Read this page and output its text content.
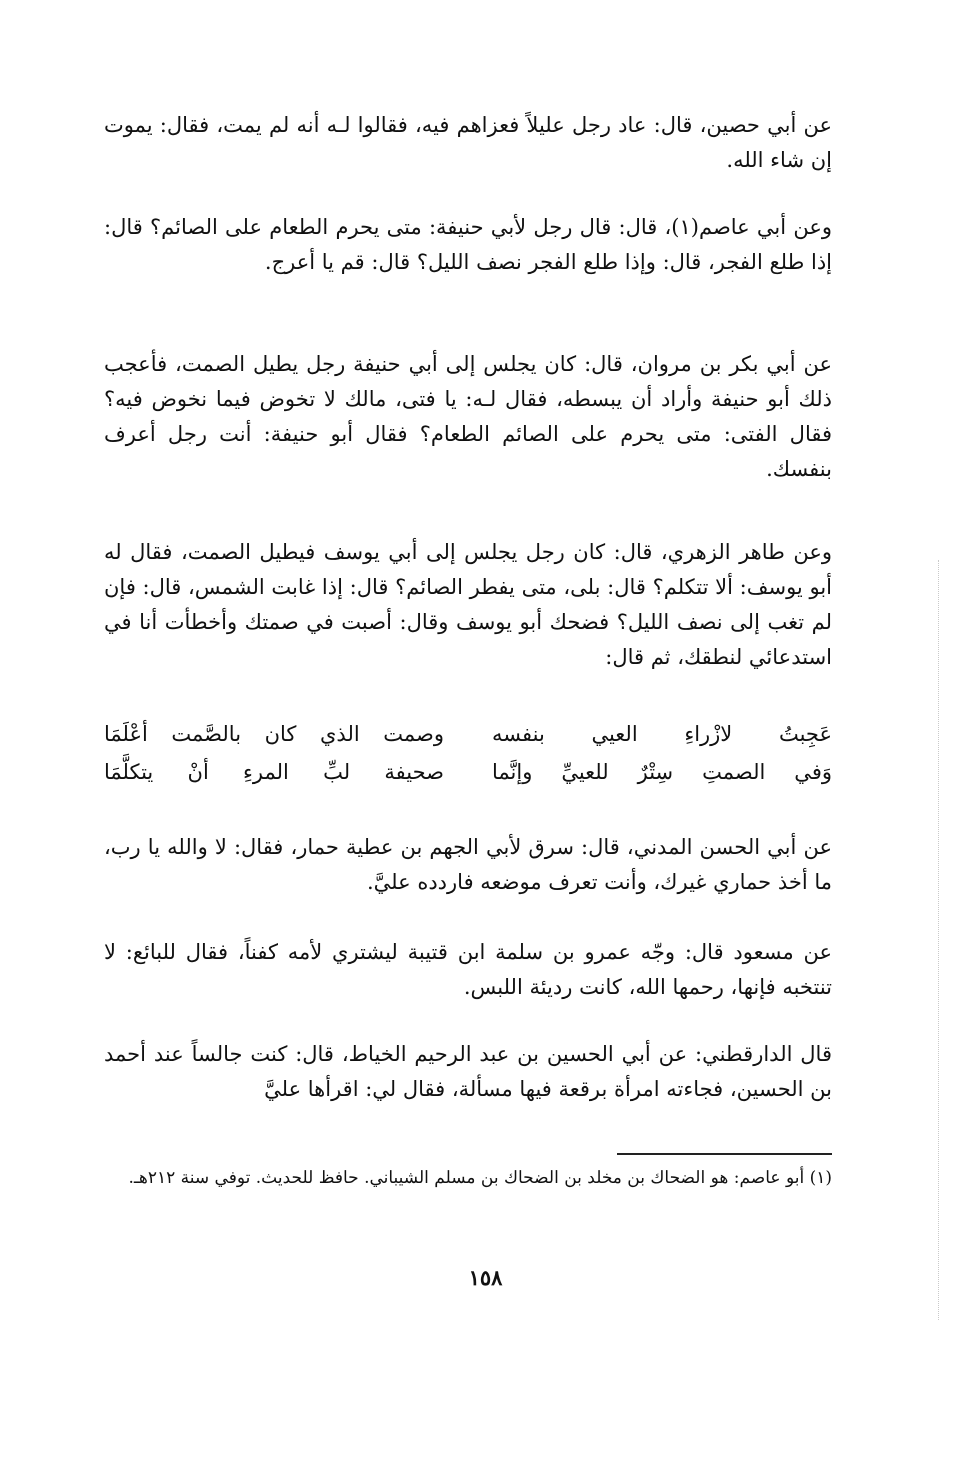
عن أبي حصين، قال: عاد رجل عليلاً فعزاهم فيه، فقالوا لـه أنه لم يمت، فقال: يموت إن شاء الله.

وعن أبي عاصم(١)، قال: قال رجل لأبي حنيفة: متى يحرم الطعام على الصائم؟ قال: إذا طلع الفجر، قال: وإذا طلع الفجر نصف الليل؟ قال: قم يا أعرج.

عن أبي بكر بن مروان، قال: كان يجلس إلى أبي حنيفة رجل يطيل الصمت، فأعجب ذلك أبو حنيفة وأراد أن يبسطه، فقال لـه: يا فتى، مالك لا تخوض فيما نخوض فيه؟ فقال الفتى: متى يحرم على الصائم الطعام؟ فقال أبو حنيفة: أنت رجل أعرف بنفسك.

وعن طاهر الزهري، قال: كان رجل يجلس إلى أبي يوسف فيطيل الصمت، فقال له أبو يوسف: ألا تتكلم؟ قال: بلى، متى يفطر الصائم؟ قال: إذا غابت الشمس، قال: فإن لم تغب إلى نصف الليل؟ فضحك أبو يوسف وقال: أصبت في صمتك وأخطأت أنا في استدعائي لنطقك، ثم قال:

عَجِبتُ لازْراءِ العيي بنفسه
وصمت الذي كان بالصَّمت أعْلَمَا
وَفي الصمتِ سِتْرٌ للعييِّ وإنَّما
صحيفة لبِّ المرءِ أنْ يتكلَّمَا

عن أبي الحسن المدني، قال: سرق لأبي الجهم بن عطية حمار، فقال: لا والله يا رب، ما أخذ حماري غيرك، وأنت تعرف موضعه فاردده عليَّ.

عن مسعود قال: وجّه عمرو بن سلمة ابن قتيبة ليشتري لأمه كفناً، فقال للبائع: لا تنتخبه فإنها، رحمها الله، كانت رديئة اللبس.

قال الدارقطني: عن أبي الحسين بن عبد الرحيم الخياط، قال: كنت جالساً عند أحمد بن الحسين، فجاءته امرأة برقعة فيها مسألة، فقال لي: اقرأها عليَّ

(١) أبو عاصم: هو الضحاك بن مخلد بن الضحاك بن مسلم الشيباني. حافظ للحديث. توفي سنة ٢١٢هـ.

١٥٨
